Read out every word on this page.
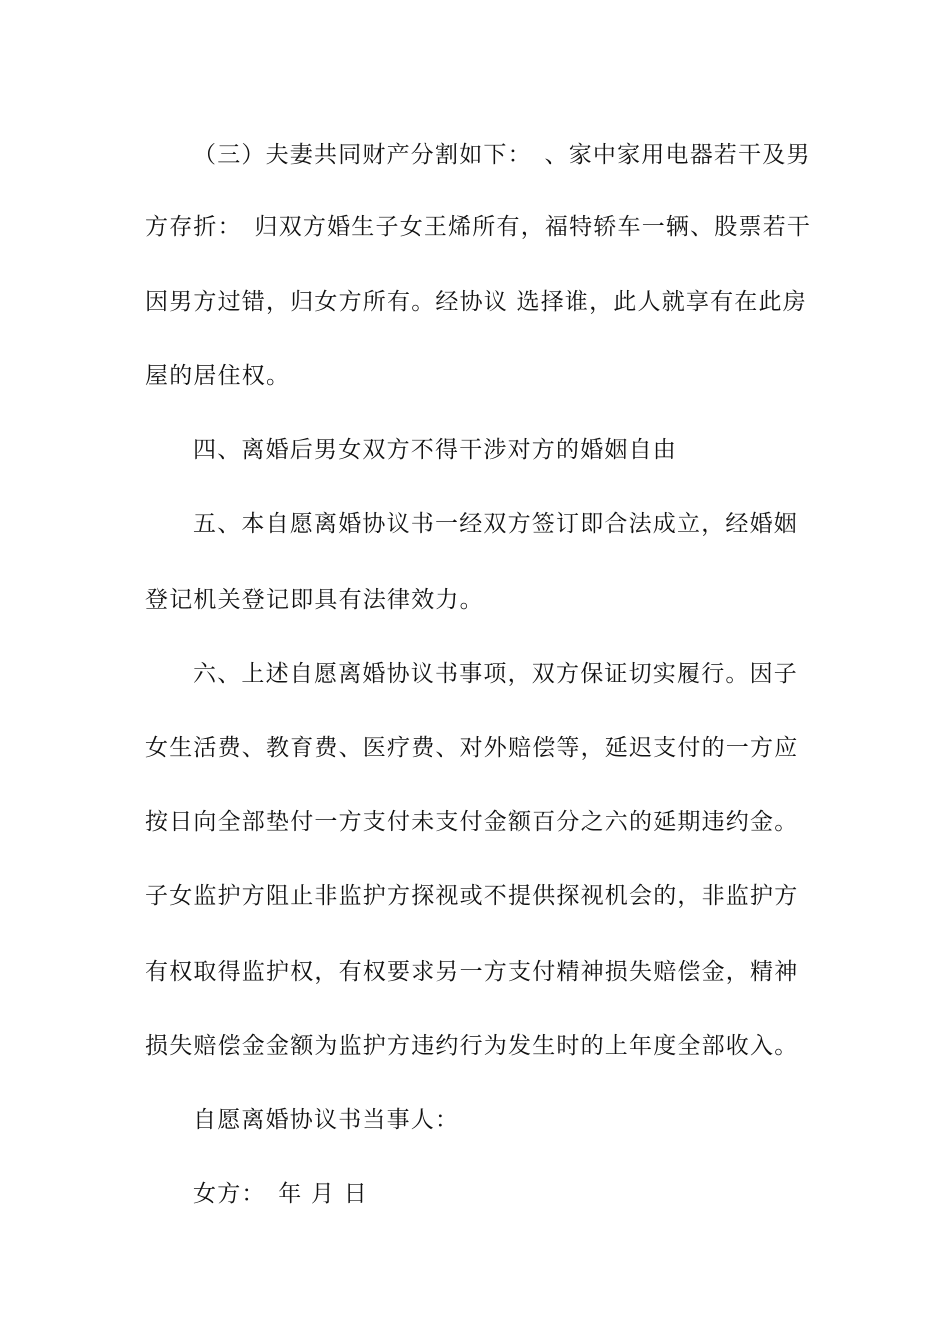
（三）夫妻共同财产分割如下：　、家中家用电器若干及男
方存折：　归双方婚生子女王烯所有，福特轿车一辆、股票若干
因男方过错，归女方所有。经协议 选择谁，此人就享有在此房
屋的居住权。
四、离婚后男女双方不得干涉对方的婚姻自由
五、本自愿离婚协议书一经双方签订即合法成立，经婚姻
登记机关登记即具有法律效力。
六、上述自愿离婚协议书事项，双方保证切实履行。因子
女生活费、教育费、医疗费、对外赔偿等，延迟支付的一方应
按日向全部垫付一方支付未支付金额百分之六的延期违约金。
子女监护方阻止非监护方探视或不提供探视机会的，非监护方
有权取得监护权，有权要求另一方支付精神损失赔偿金，精神
损失赔偿金金额为监护方违约行为发生时的上年度全部收入。
自愿离婚协议书当事人：
女方：　年 月 日
